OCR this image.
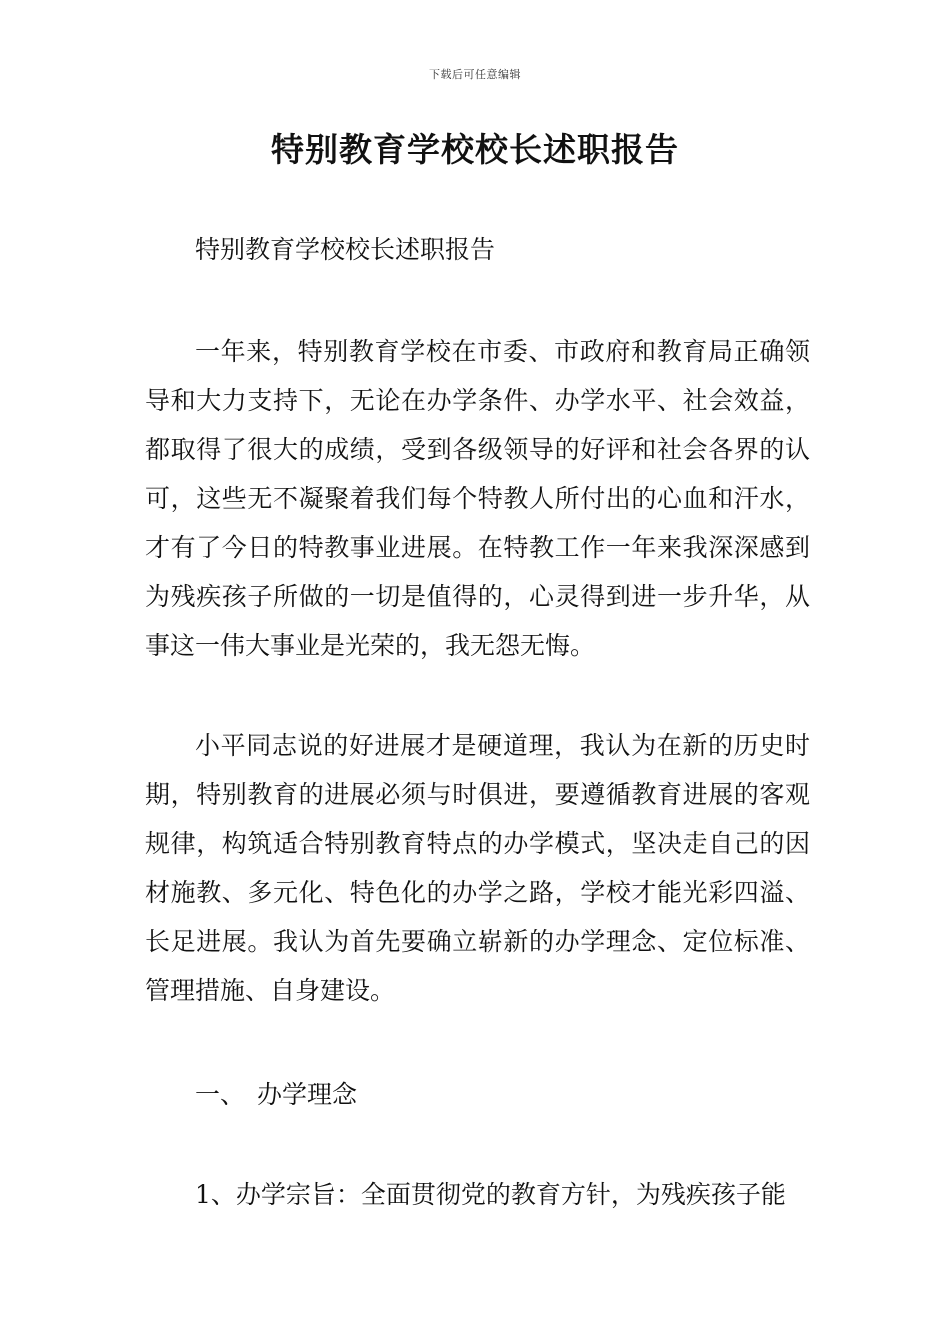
下载后可任意编辑
特别教育学校校长述职报告

特别教育学校校长述职报告

一年来，特别教育学校在市委、市政府和教育局正确领导和大力支持下，无论在办学条件、办学水平、社会效益，都取得了很大的成绩，受到各级领导的好评和社会各界的认可，这些无不凝聚着我们每个特教人所付出的心血和汗水，才有了今日的特教事业进展。在特教工作一年来我深深感到为残疾孩子所做的一切是值得的，心灵得到进一步升华，从事这一伟大事业是光荣的，我无怨无悔。

小平同志说的好进展才是硬道理，我认为在新的历史时期，特别教育的进展必须与时俱进，要遵循教育进展的客观规律，构筑适合特别教育特点的办学模式，坚决走自己的因材施教、多元化、特色化的办学之路，学校才能光彩四溢、长足进展。我认为首先要确立崭新的办学理念、定位标准、管理措施、自身建设。

一、 办学理念

1、办学宗旨：全面贯彻党的教育方针，为残疾孩子能
